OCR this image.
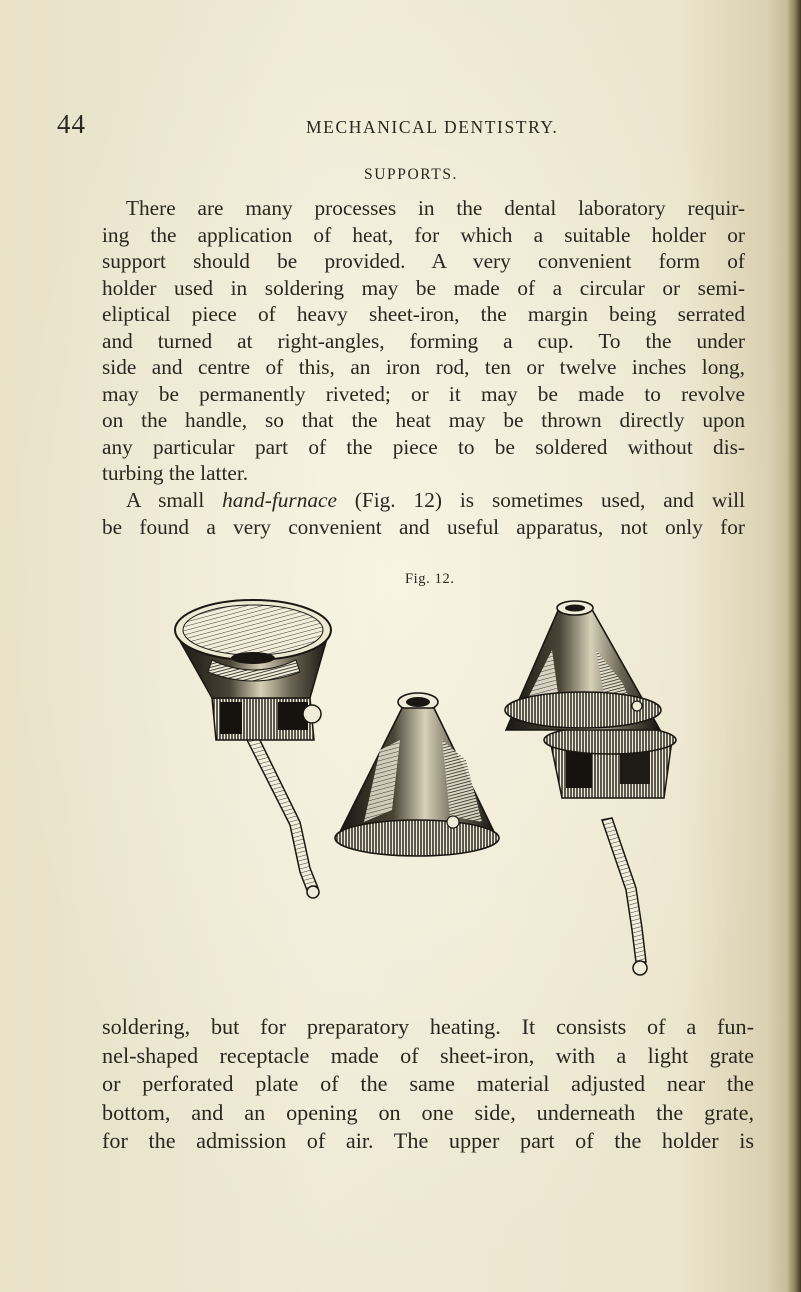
44	MECHANICAL DENTISTRY.
SUPPORTS.

There are many processes in the dental laboratory requir-
ing the application of heat, for which a suitable holder or
support should be provided. A very convenient form of
holder used in soldering may be made of a circular or semi-
eliptical piece of heavy sheet-iron, the margin being serrated
and turned at right-angles, forming a cup. To the under
side and centre of this, an iron rod, ten or twelve inches long,
may be permanently riveted; or it may be made to revolve
on the handle, so that the heat may be thrown directly upon
any particular part of the piece to be soldered without dis-
turbing the latter.

A small hand-furnace (Fig. 12) is sometimes used, and will
be found a very convenient and useful apparatus, not only for

Fig. 12.

soldering, but for preparatory heating. It consists of a fun-
nel-shaped receptacle made of sheet-iron, with a light grate
or perforated plate of the same material adjusted near the
bottom, and an opening on one side, underneath the grate,
for the admission of air. The upper part of the holder is
